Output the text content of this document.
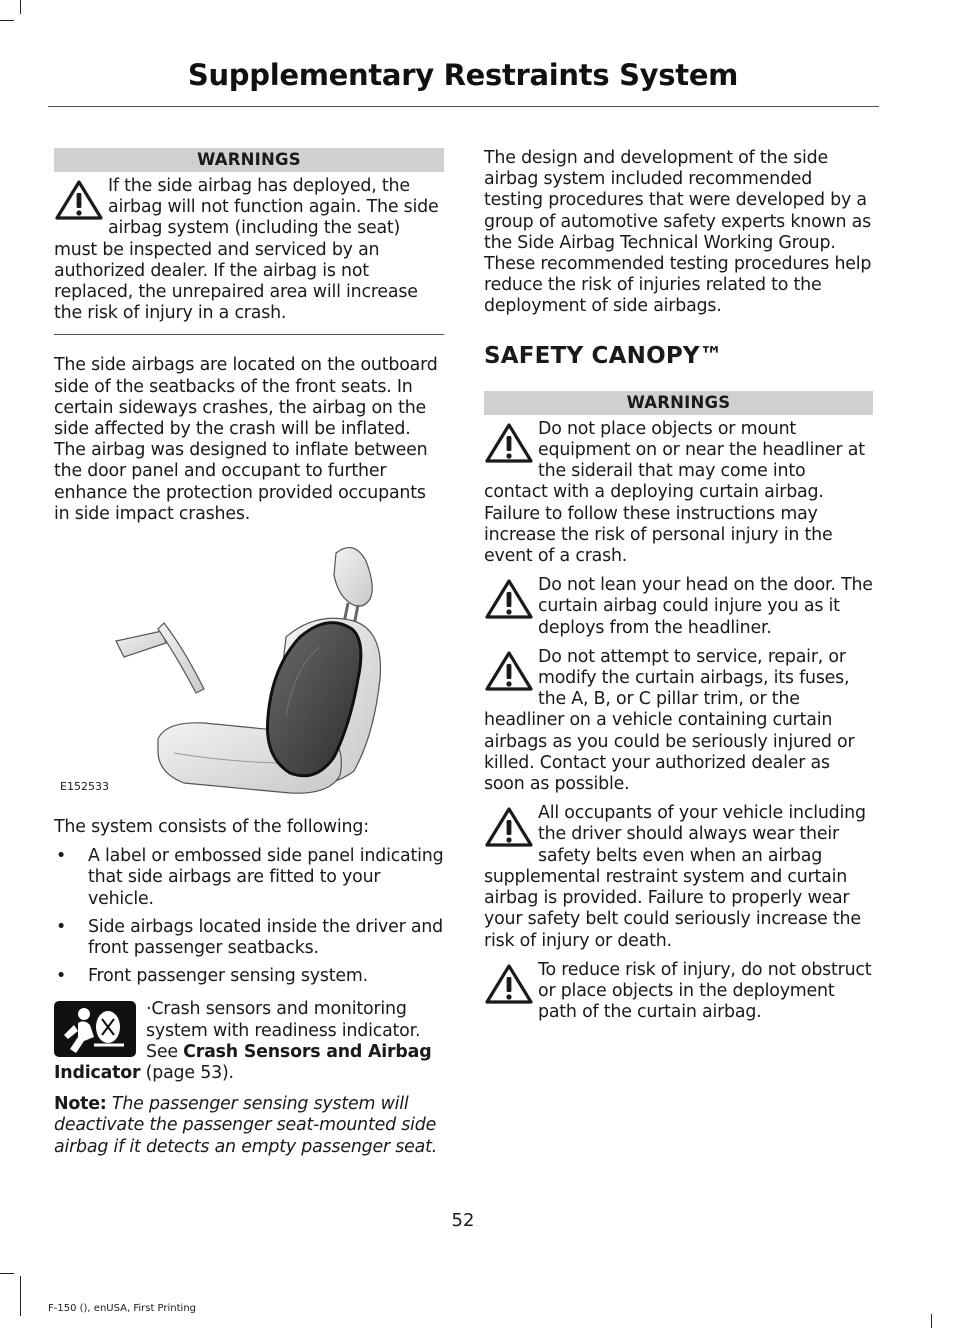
Supplementary Restraints System
WARNINGS

If the side airbag has deployed, the airbag will not function again. The side airbag system (including the seat) must be inspected and serviced by an authorized dealer. If the airbag is not replaced, the unrepaired area will increase the risk of injury in a crash.

The side airbags are located on the outboard side of the seatbacks of the front seats. In certain sideways crashes, the airbag on the side affected by the crash will be inflated. The airbag was designed to inflate between the door panel and occupant to further enhance the protection provided occupants in side impact crashes.

E152533

The system consists of the following:

• A label or embossed side panel indicating that side airbags are fitted to your vehicle.
• Side airbags located inside the driver and front passenger seatbacks.
• Front passenger sensing system.

·Crash sensors and monitoring system with readiness indicator. See Crash Sensors and Airbag Indicator (page 53).

Note: The passenger sensing system will deactivate the passenger seat-mounted side airbag if it detects an empty passenger seat.

The design and development of the side airbag system included recommended testing procedures that were developed by a group of automotive safety experts known as the Side Airbag Technical Working Group. These recommended testing procedures help reduce the risk of injuries related to the deployment of side airbags.

SAFETY CANOPY™
WARNINGS

Do not place objects or mount equipment on or near the headliner at the siderail that may come into contact with a deploying curtain airbag. Failure to follow these instructions may increase the risk of personal injury in the event of a crash.

Do not lean your head on the door. The curtain airbag could injure you as it deploys from the headliner.

Do not attempt to service, repair, or modify the curtain airbags, its fuses, the A, B, or C pillar trim, or the headliner on a vehicle containing curtain airbags as you could be seriously injured or killed. Contact your authorized dealer as soon as possible.

All occupants of your vehicle including the driver should always wear their safety belts even when an airbag supplemental restraint system and curtain airbag is provided. Failure to properly wear your safety belt could seriously increase the risk of injury or death.

To reduce risk of injury, do not obstruct or place objects in the deployment path of the curtain airbag.

52
F-150 (), enUSA, First Printing
